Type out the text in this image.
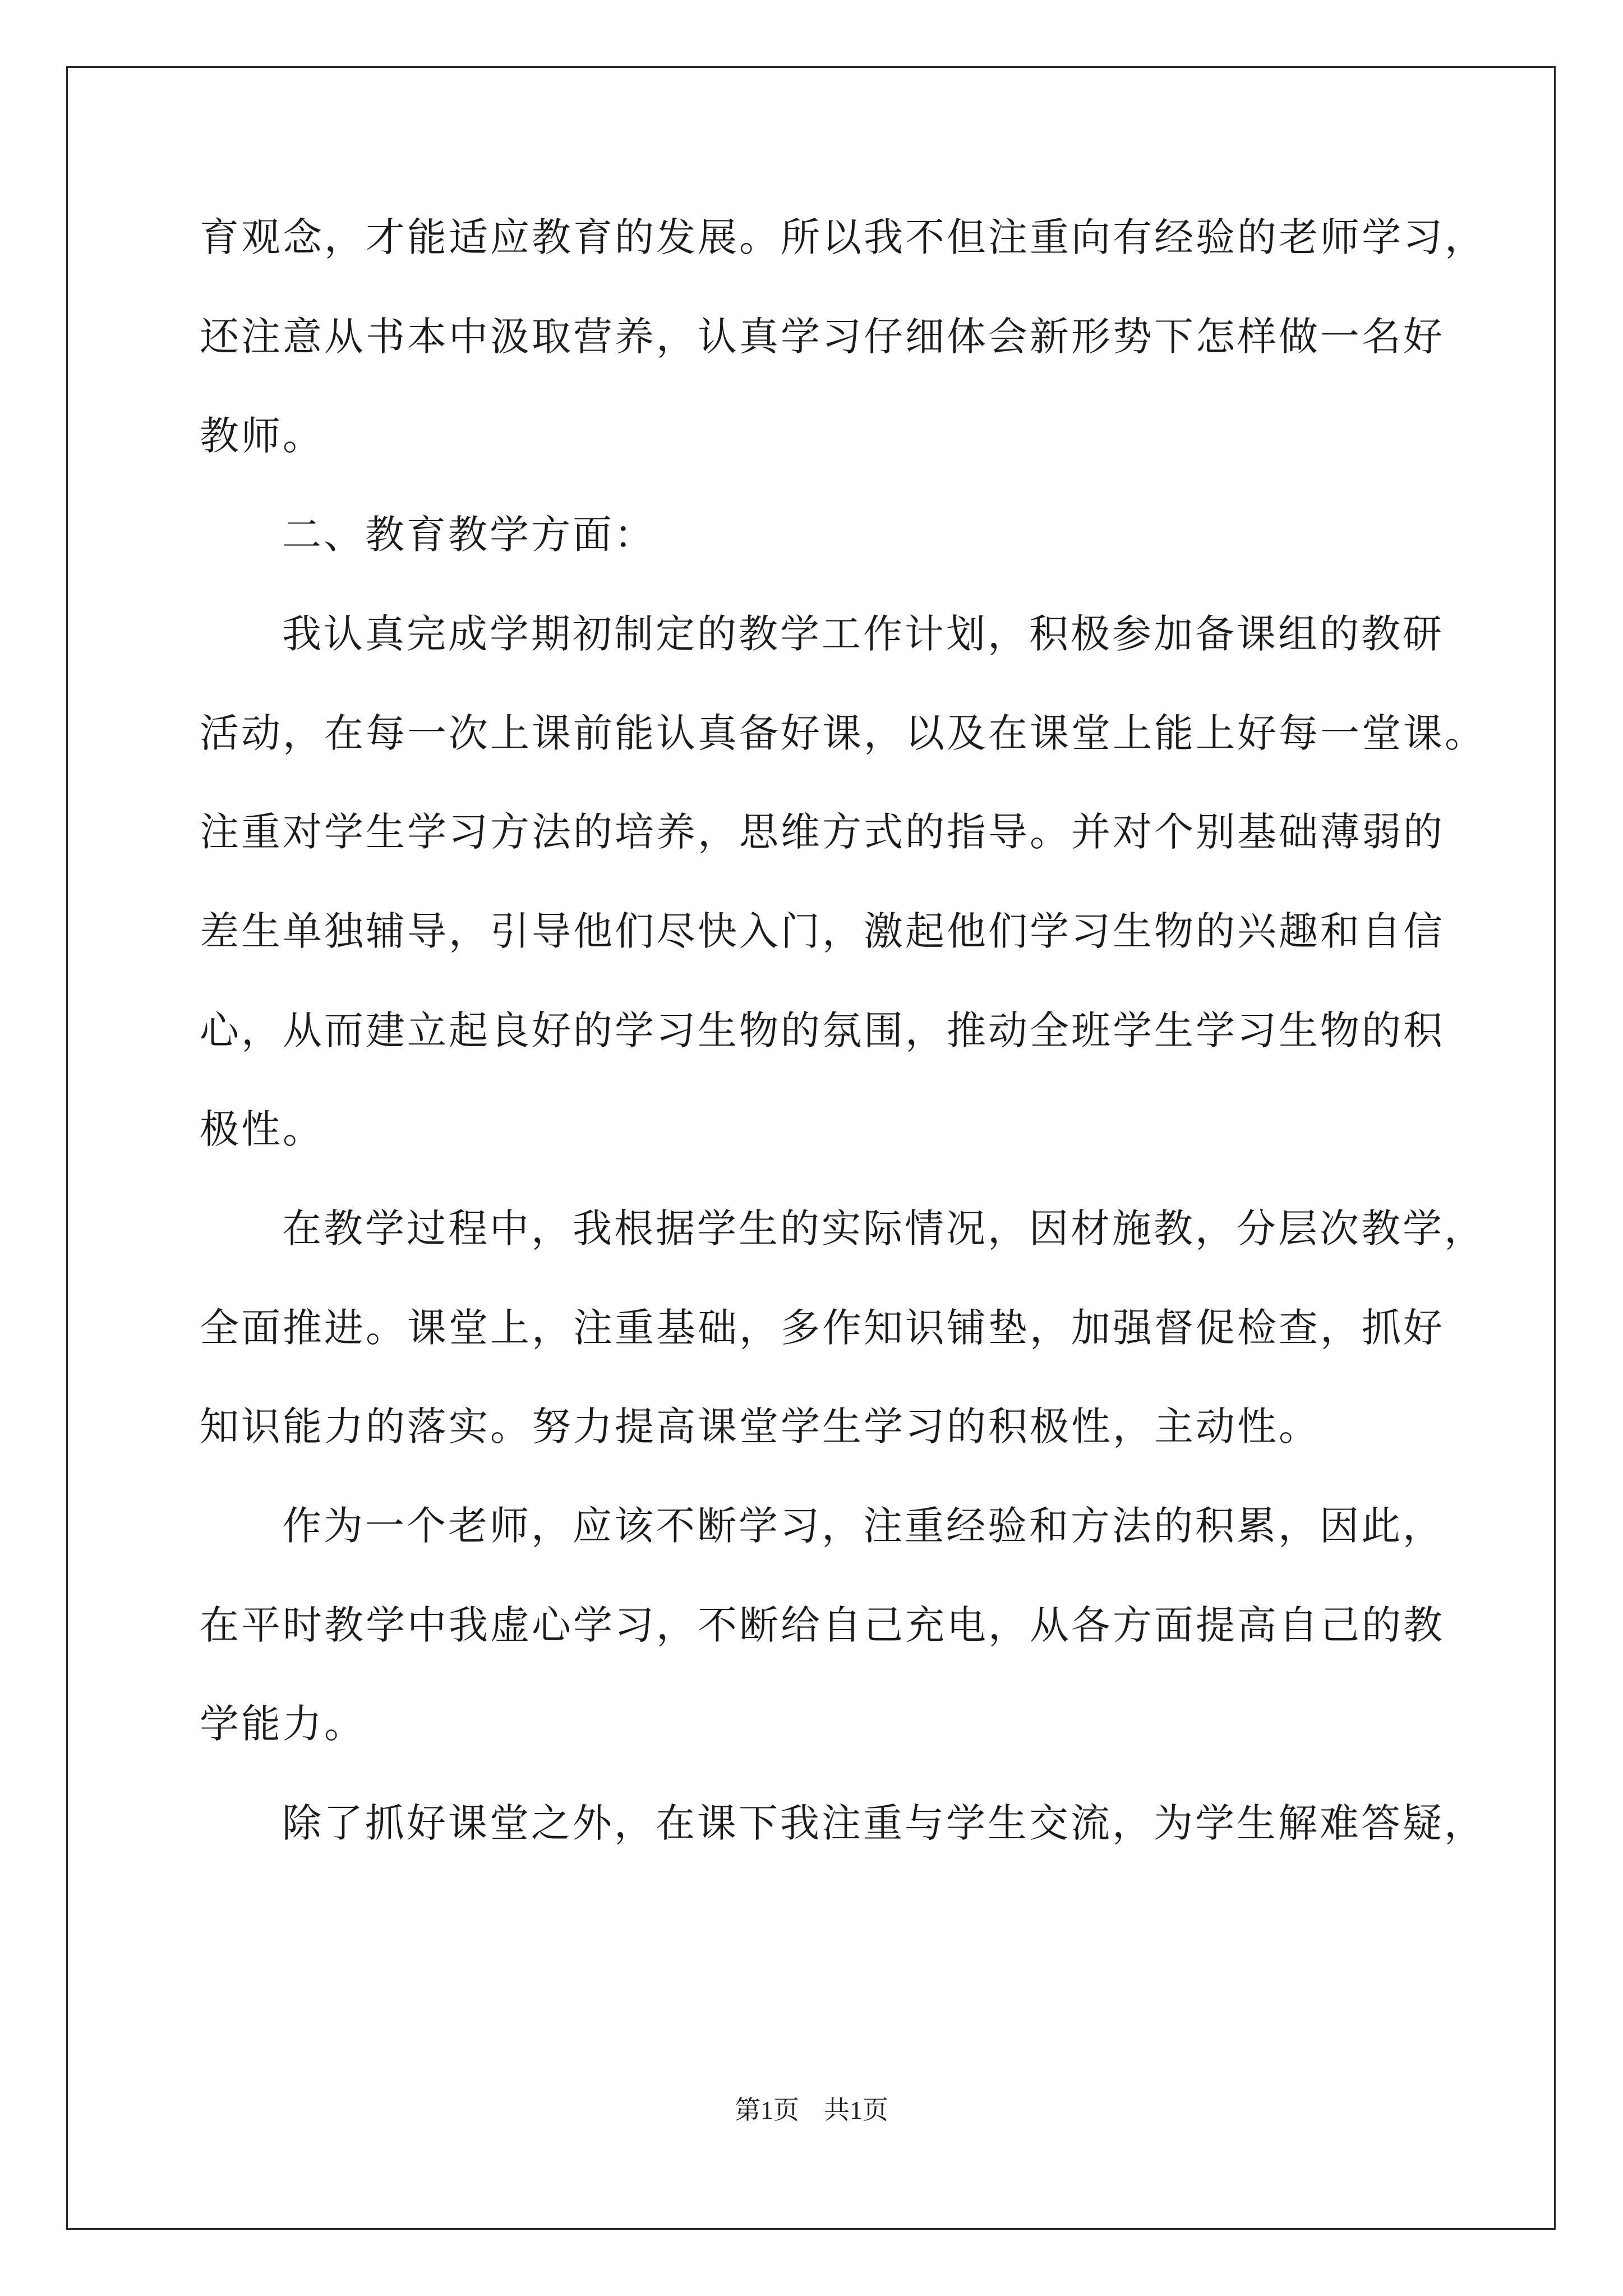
育观念，才能适应教育的发展。所以我不但注重向有经验的老师学习，
还注意从书本中汲取营养，认真学习仔细体会新形势下怎样做一名好
教师。
二、教育教学方面：
我认真完成学期初制定的教学工作计划，积极参加备课组的教研
活动，在每一次上课前能认真备好课，以及在课堂上能上好每一堂课。
注重对学生学习方法的培养，思维方式的指导。并对个别基础薄弱的
差生单独辅导，引导他们尽快入门，激起他们学习生物的兴趣和自信
心，从而建立起良好的学习生物的氛围，推动全班学生学习生物的积
极性。
在教学过程中，我根据学生的实际情况，因材施教，分层次教学，
全面推进。课堂上，注重基础，多作知识铺垫，加强督促检查，抓好
知识能力的落实。努力提高课堂学生学习的积极性，主动性。
作为一个老师，应该不断学习，注重经验和方法的积累，因此，
在平时教学中我虚心学习，不断给自己充电，从各方面提高自己的教
学能力。
除了抓好课堂之外，在课下我注重与学生交流，为学生解难答疑，
第1页 共1页
